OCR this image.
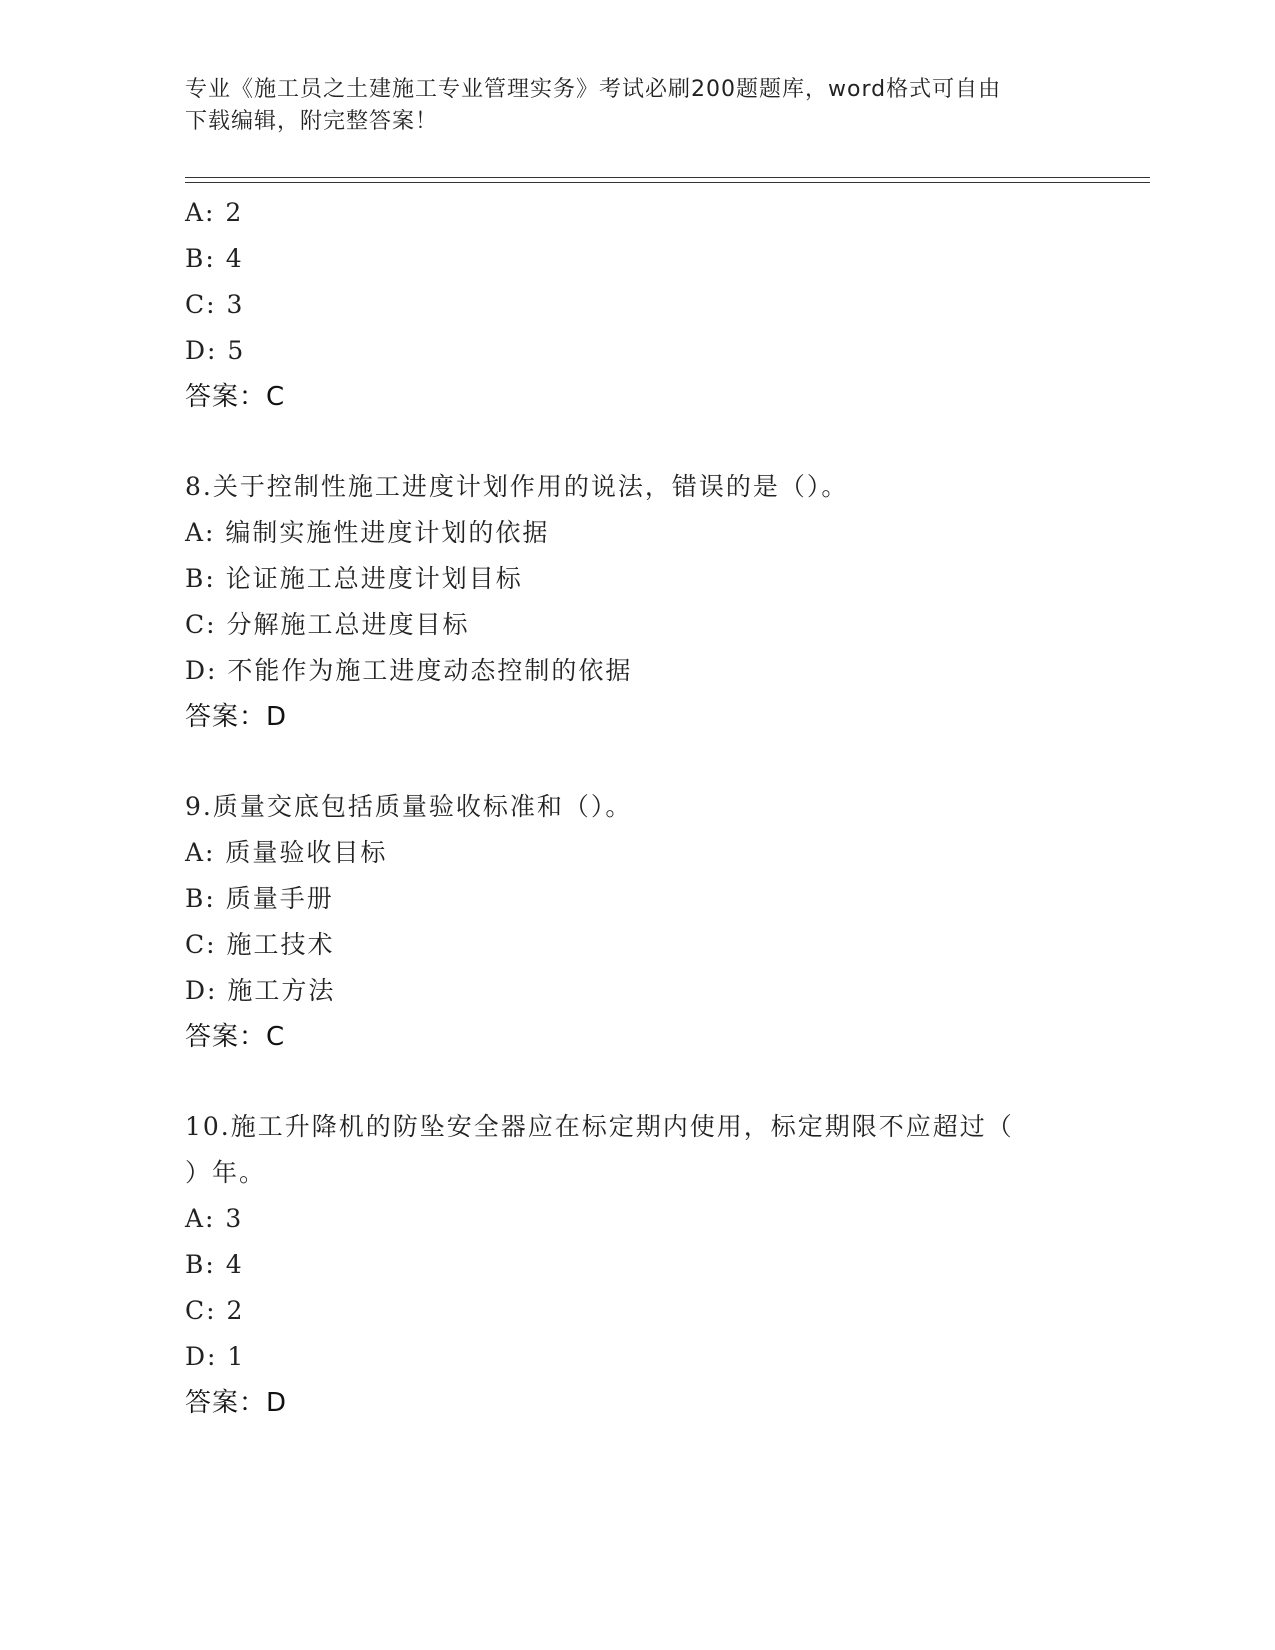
专业《施工员之土建施工专业管理实务》考试必刷200题题库，word格式可自由
下载编辑，附完整答案！
A: 2
B: 4
C: 3
D: 5
答案：C
8.关于控制性施工进度计划作用的说法，错误的是（）。
A: 编制实施性进度计划的依据
B: 论证施工总进度计划目标
C: 分解施工总进度目标
D: 不能作为施工进度动态控制的依据
答案：D
9.质量交底包括质量验收标准和（）。
A: 质量验收目标
B: 质量手册
C: 施工技术
D: 施工方法
答案：C
10.施工升降机的防坠安全器应在标定期内使用，标定期限不应超过（
）年。
A: 3
B: 4
C: 2
D: 1
答案：D
